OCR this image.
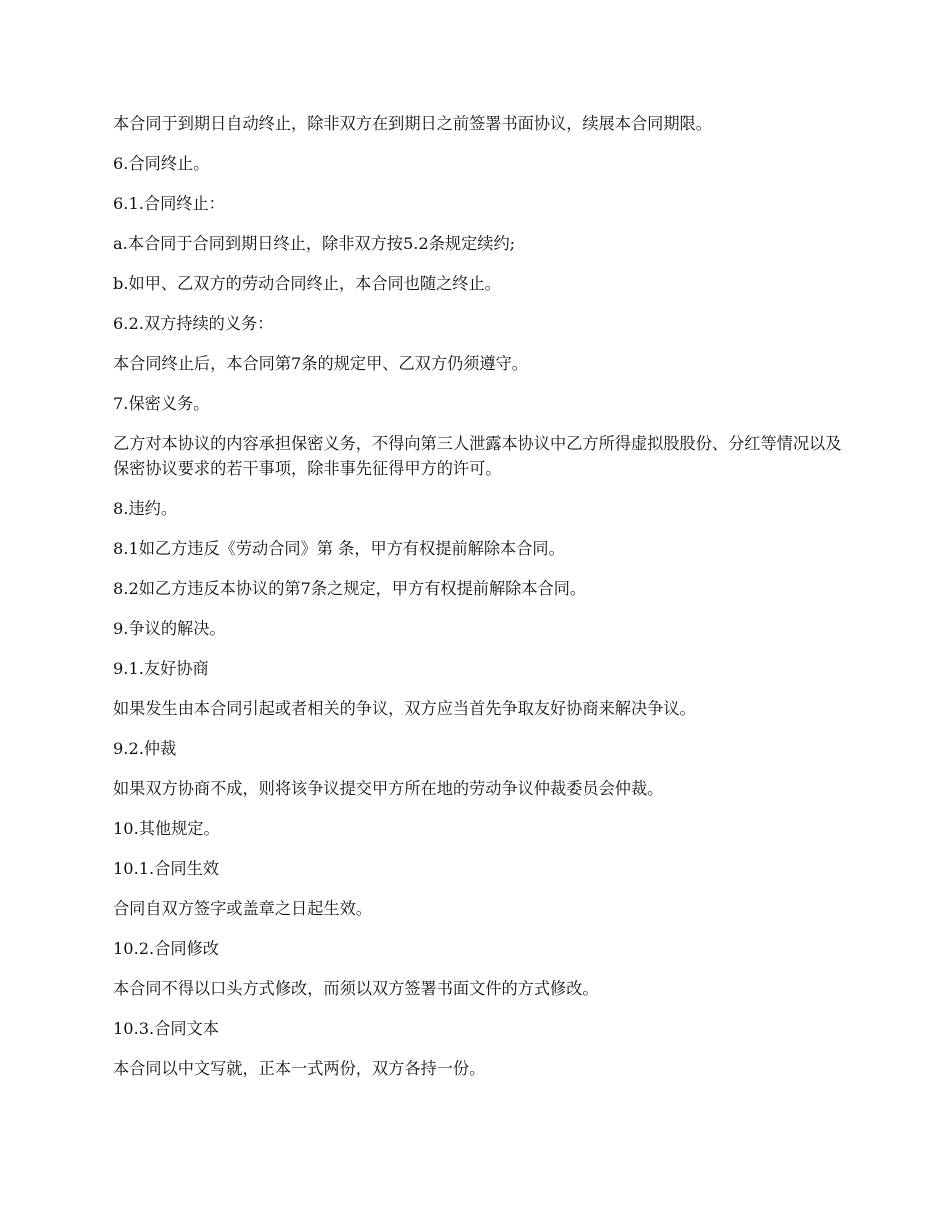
本合同于到期日自动终止，除非双方在到期日之前签署书面协议，续展本合同期限。

6.合同终止。

6.1.合同终止：

a.本合同于合同到期日终止，除非双方按5.2条规定续约;

b.如甲、乙双方的劳动合同终止，本合同也随之终止。

6.2.双方持续的义务：

本合同终止后，本合同第7条的规定甲、乙双方仍须遵守。

7.保密义务。

乙方对本协议的内容承担保密义务，不得向第三人泄露本协议中乙方所得虚拟股股份、分红等情况以及保密协议要求的若干事项，除非事先征得甲方的许可。

8.违约。

8.1如乙方违反《劳动合同》第 条，甲方有权提前解除本合同。

8.2如乙方违反本协议的第7条之规定，甲方有权提前解除本合同。

9.争议的解决。

9.1.友好协商

如果发生由本合同引起或者相关的争议，双方应当首先争取友好协商来解决争议。

9.2.仲裁

如果双方协商不成，则将该争议提交甲方所在地的劳动争议仲裁委员会仲裁。

10.其他规定。

10.1.合同生效

合同自双方签字或盖章之日起生效。

10.2.合同修改

本合同不得以口头方式修改，而须以双方签署书面文件的方式修改。

10.3.合同文本

本合同以中文写就，正本一式两份，双方各持一份。
